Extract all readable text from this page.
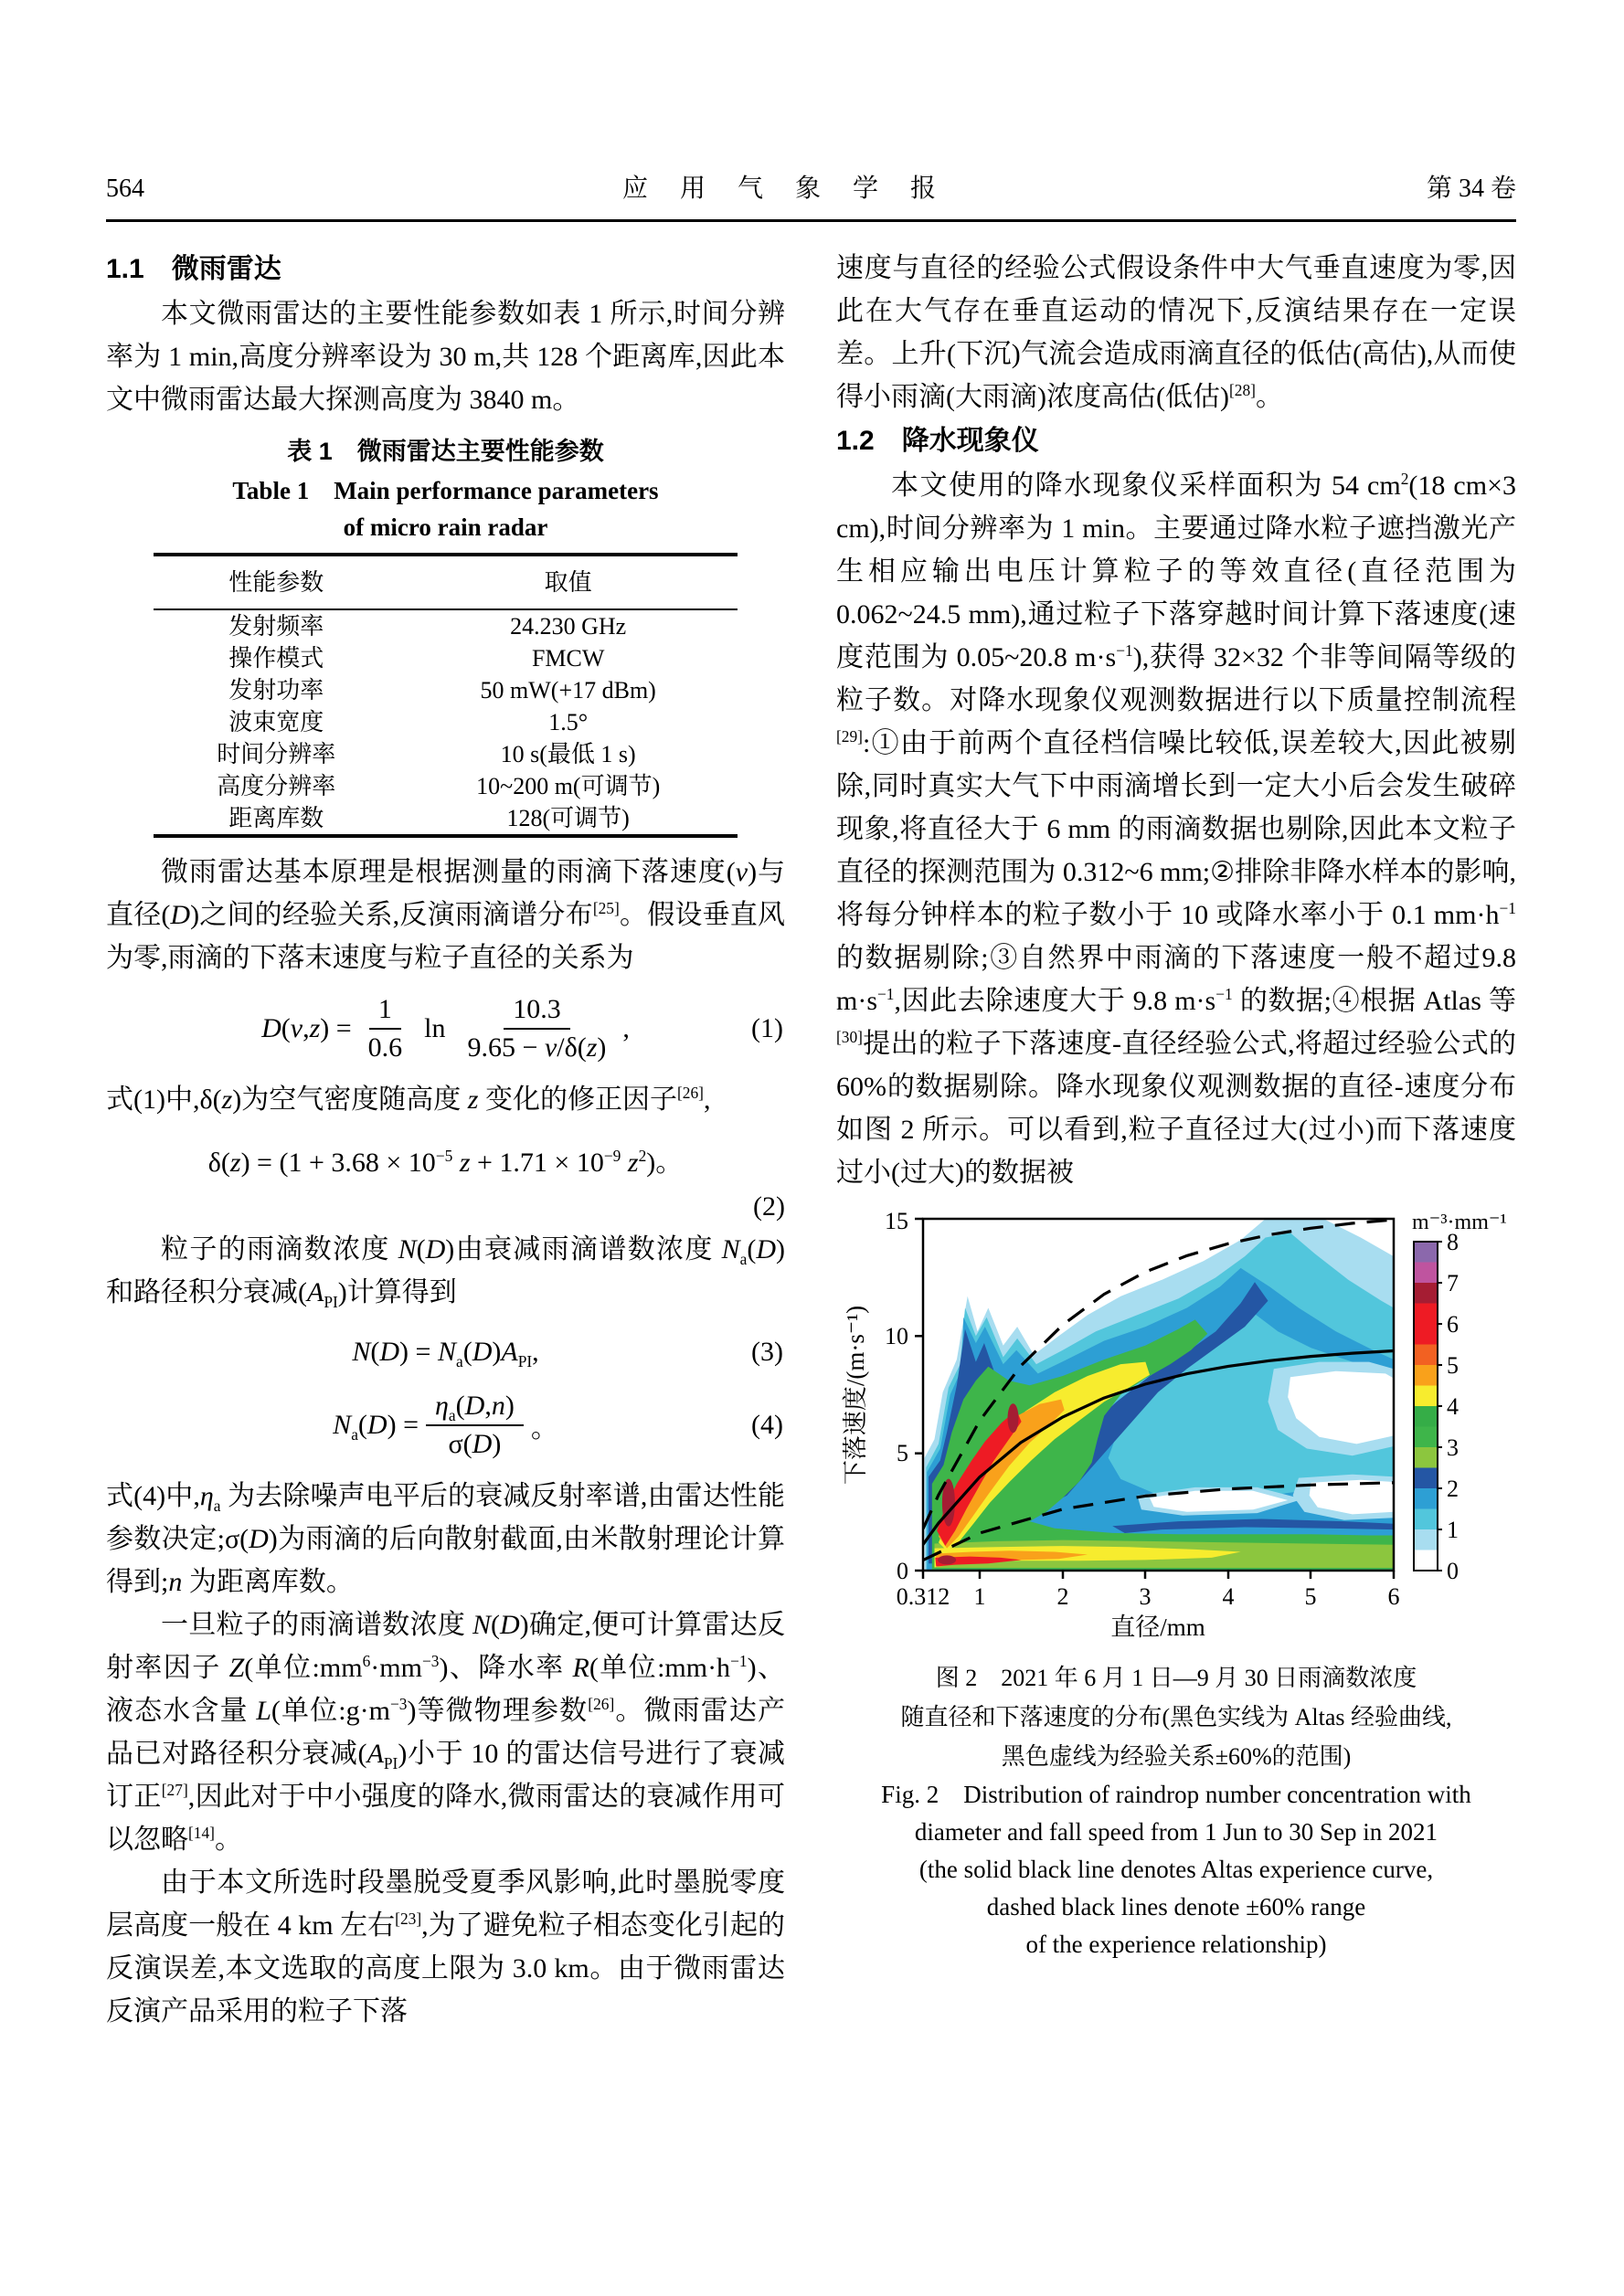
564	应 用 气 象 学 报	第 34 卷
1.1　微雨雷达

本文微雨雷达的主要性能参数如表 1 所示,时间分辨率为 1 min,高度分辨率设为 30 m,共 128 个距离库,因此本文中微雨雷达最大探测高度为 3840 m。

表 1　微雨雷达主要性能参数
Table 1　Main performance parameters
of micro rain radar
性能参数	取值
发射频率	24.230 GHz
操作模式	FMCW
发射功率	50 mW(+17 dBm)
波束宽度	1.5°
时间分辨率	10 s(最低 1 s)
高度分辨率	10~200 m(可调节)
距离库数	128(可调节)

微雨雷达基本原理是根据测量的雨滴下落速度(v)与直径(D)之间的经验关系,反演雨滴谱分布[25]。假设垂直风为零,雨滴的下落末速度与粒子直径的关系为

$D(v,z) = \frac{1}{0.6}$ $\ln \frac{10.3}{9.65 - v/\delta(z)}$ ,	(1)

式(1)中,δ(z)为空气密度随高度 z 变化的修正因子[26],

$\delta(z) = (1 + 3.68 \times 10^{-5}$ $z + 1.71 \times 10^{-9}$ $z^2$)。
(2)

粒子的雨滴数浓度 N(D)由衰减雨滴谱数浓度 $N_a(D)$和路径积分衰减$(A_{PI})$计算得到

$N(D) = N_a(D)A_{PI}$,	(3)
$N_a(D) = \frac{\eta_a(D,n)}{\sigma(D)}$ 。	(4)

式(4)中$,\eta_a$ 为去除噪声电平后的衰减反射率谱,由雷达性能参数决定;σ(D)为雨滴的后向散射截面,由米散射理论计算得到;n 为距离库数。

一旦粒子的雨滴谱数浓度 N(D)确定,便可计算雷达反射率因子 Z(单位$:mm^6\cdot mm^{-3}$)、降水率 R(单位$:mm\cdot h^{-1}$)、液态水含量 L(单位$:g\cdot m^{-3}$)等微物理参数[26]。微雨雷达产品已对路径积分衰减$(A_{PI})$小于 10 的雷达信号进行了衰减订正[27],因此对于中小强度的降水,微雨雷达的衰减作用可以忽略[14]。

由于本文所选时段墨脱受夏季风影响,此时墨脱零度层高度一般在 4 km 左右[23],为了避免粒子相态变化引起的反演误差,本文选取的高度上限为 3.0 km。由于微雨雷达反演产品采用的粒子下落

速度与直径的经验公式假设条件中大气垂直速度为零,因此在大气存在垂直运动的情况下,反演结果存在一定误差。上升(下沉)气流会造成雨滴直径的低估(高估),从而使得小雨滴(大雨滴)浓度高估(低估)[28]。

1.2　降水现象仪

本文使用的降水现象仪采样面积为 54 $cm^2(18$ cm×3 cm),时间分辨率为 1 min。主要通过降水粒子遮挡激光产生相应输出电压计算粒子的等效直径(直径范围为 0.062~24.5 mm),通过粒子下落穿越时间计算下落速度(速度范围为 0.05~20.8 $m\cdot s^{-1}$),获得 32×32 个非等间隔等级的粒子数。对降水现象仪观测数据进行以下质量控制流程[29]:①由于前两个直径档信噪比较低,误差较大,因此被剔除,同时真实大气下中雨滴增长到一定大小后会发生破碎现象,将直径大于 6 mm 的雨滴数据也剔除,因此本文粒子直径的探测范围为 0.312~6 mm;②排除非降水样本的影响,将每分钟样本的粒子数小于 10 或降水率小于 0.1 $mm\cdot h^{-1}$ 的数据剔除;③自然界中雨滴的下落速度一般不超过9.8 $m\cdot s^{-1}$,因此去除速度大于 9.8 $m\cdot s^{-1}$ 的数据;④根据 Atlas 等[30]提出的粒子下落速度-直径经验公式,将超过经验公式的 60%的数据剔除。降水现象仪观测数据的直径-速度分布如图 2 所示。可以看到,粒子直径过大(过小)而下落速度过小(过大)的数据被

0.312 1	2	3	4	5	6
直径/mm
0
5
10
15
下落速度/(m·s⁻¹)
0
1
2
3
4
5
6
7
8
m⁻³·mm⁻¹
图 2　2021 年 6 月 1 日—9 月 30 日雨滴数浓度
随直径和下落速度的分布(黑色实线为 Altas 经验曲线,
黑色虚线为经验关系±60%的范围)
Fig. 2　Distribution of raindrop number concentration with
diameter and fall speed from 1 Jun to 30 Sep in 2021
(the solid black line denotes Altas experience curve,
dashed black lines denote ±60% range
of the experience relationship)
